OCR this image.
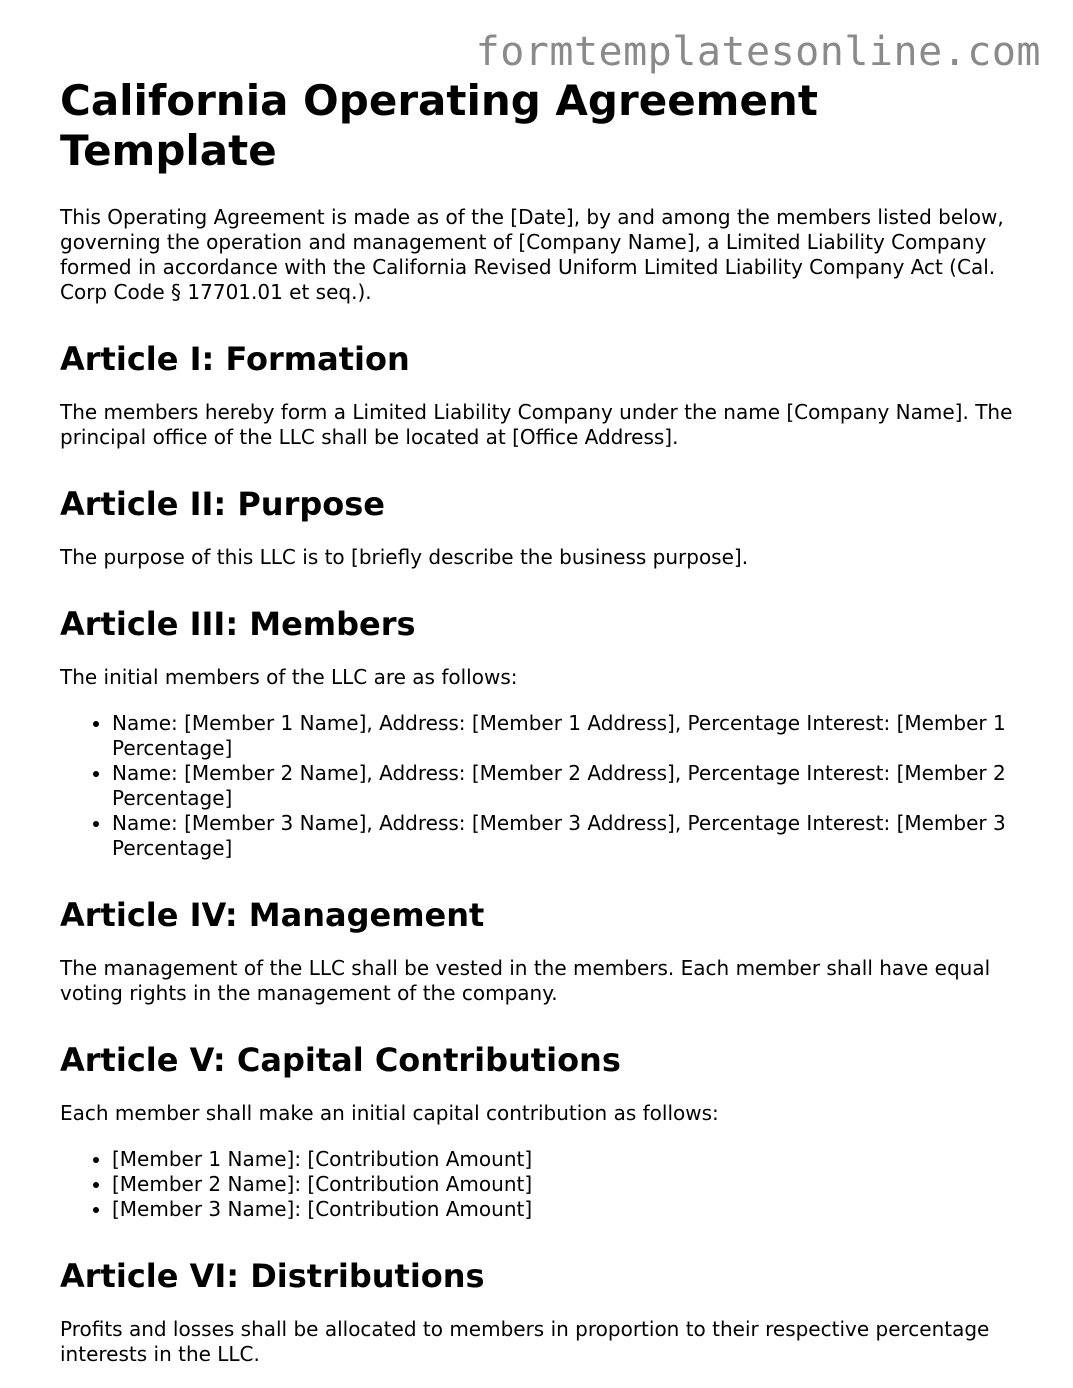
formtemplatesonline.com
California Operating Agreement Template

This Operating Agreement is made as of the [Date], by and among the members listed below, governing the operation and management of [Company Name], a Limited Liability Company formed in accordance with the California Revised Uniform Limited Liability Company Act (Cal. Corp Code § 17701.01 et seq.).

Article I: Formation

The members hereby form a Limited Liability Company under the name [Company Name]. The principal office of the LLC shall be located at [Office Address].

Article II: Purpose

The purpose of this LLC is to [briefly describe the business purpose].

Article III: Members

The initial members of the LLC are as follows:

• Name: [Member 1 Name], Address: [Member 1 Address], Percentage Interest: [Member 1 Percentage]
• Name: [Member 2 Name], Address: [Member 2 Address], Percentage Interest: [Member 2 Percentage]
• Name: [Member 3 Name], Address: [Member 3 Address], Percentage Interest: [Member 3 Percentage]
Article IV: Management

The management of the LLC shall be vested in the members. Each member shall have equal voting rights in the management of the company.

Article V: Capital Contributions

Each member shall make an initial capital contribution as follows:

• [Member 1 Name]: [Contribution Amount]
• [Member 2 Name]: [Contribution Amount]
• [Member 3 Name]: [Contribution Amount]
Article VI: Distributions

Profits and losses shall be allocated to members in proportion to their respective percentage interests in the LLC.
